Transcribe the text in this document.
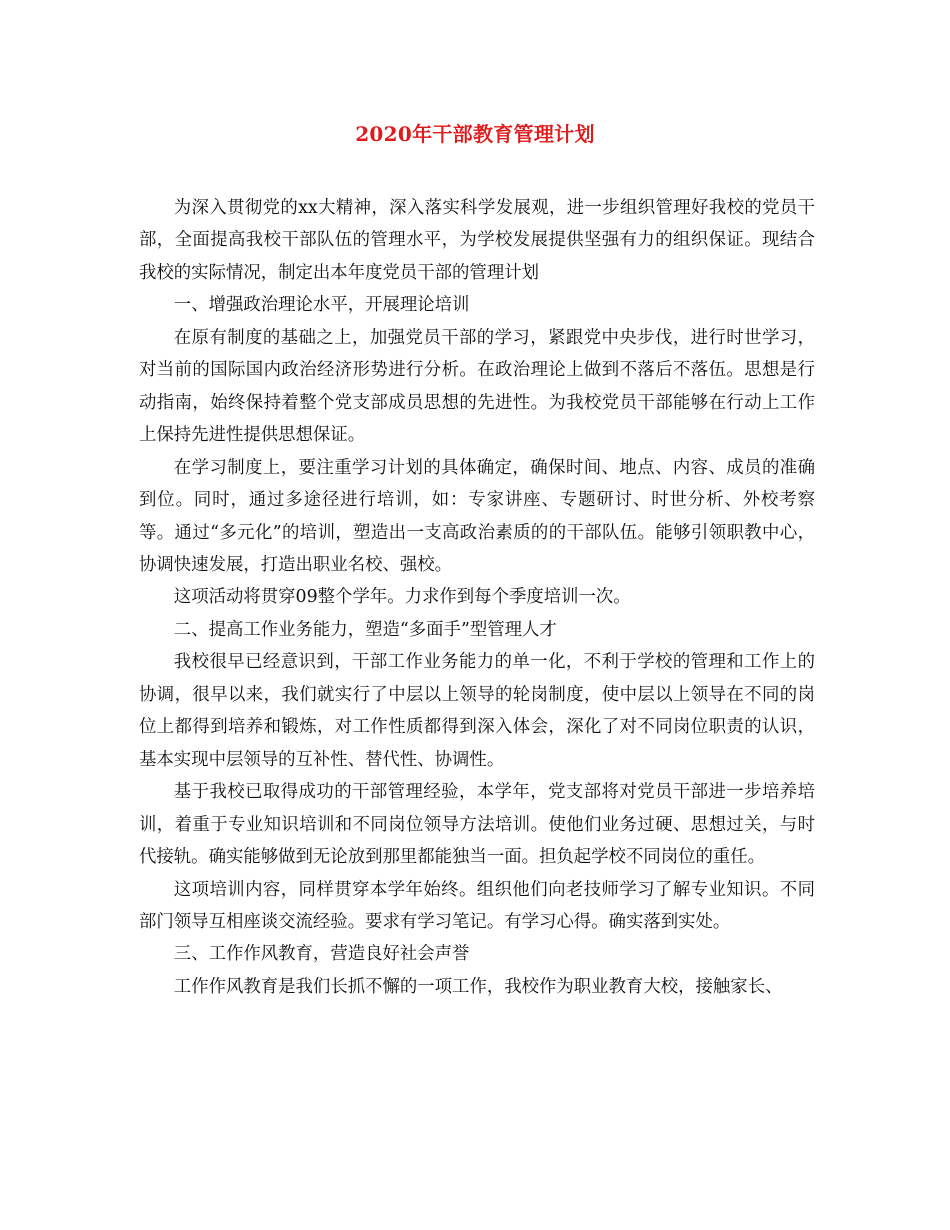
2020年干部教育管理计划

为深入贯彻党的xx大精神，深入落实科学发展观，进一步组织管理好我校的党员干部，全面提高我校干部队伍的管理水平，为学校发展提供坚强有力的组织保证。现结合我校的实际情况，制定出本年度党员干部的管理计划

一、增强政治理论水平，开展理论培训

在原有制度的基础之上，加强党员干部的学习，紧跟党中央步伐，进行时世学习，对当前的国际国内政治经济形势进行分析。在政治理论上做到不落后不落伍。思想是行动指南，始终保持着整个党支部成员思想的先进性。为我校党员干部能够在行动上工作上保持先进性提供思想保证。

在学习制度上，要注重学习计划的具体确定，确保时间、地点、内容、成员的准确到位。同时，通过多途径进行培训，如：专家讲座、专题研讨、时世分析、外校考察等。通过“多元化”的培训，塑造出一支高政治素质的的干部队伍。能够引领职教中心，协调快速发展，打造出职业名校、强校。

这项活动将贯穿09整个学年。力求作到每个季度培训一次。

二、提高工作业务能力，塑造“多面手”型管理人才

我校很早已经意识到，干部工作业务能力的单一化，不利于学校的管理和工作上的协调，很早以来，我们就实行了中层以上领导的轮岗制度，使中层以上领导在不同的岗位上都得到培养和锻炼，对工作性质都得到深入体会，深化了对不同岗位职责的认识，基本实现中层领导的互补性、替代性、协调性。

基于我校已取得成功的干部管理经验，本学年，党支部将对党员干部进一步培养培训，着重于专业知识培训和不同岗位领导方法培训。使他们业务过硬、思想过关，与时代接轨。确实能够做到无论放到那里都能独当一面。担负起学校不同岗位的重任。

这项培训内容，同样贯穿本学年始终。组织他们向老技师学习了解专业知识。不同部门领导互相座谈交流经验。要求有学习笔记。有学习心得。确实落到实处。

三、工作作风教育，营造良好社会声誉

工作作风教育是我们长抓不懈的一项工作，我校作为职业教育大校，接触家长、
